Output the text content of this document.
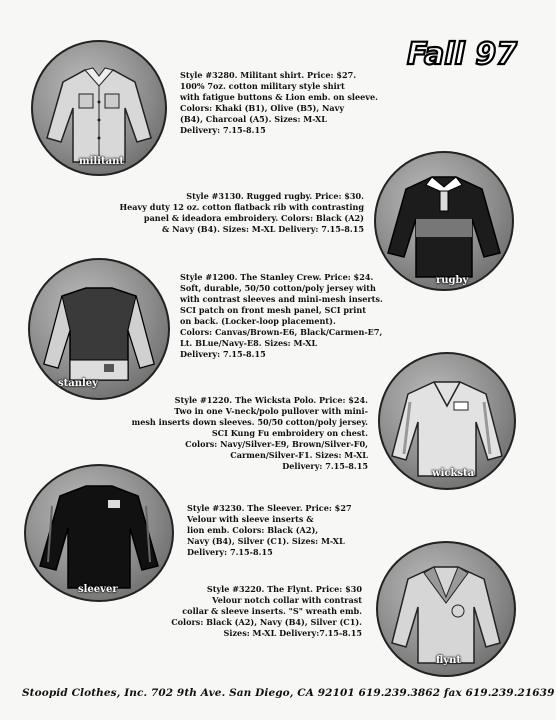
Fall 97
militant
Style #3280. Militant shirt. Price: $27.
100% 7oz. cotton military style shirt
with fatigue buttons & Lion emb. on sleeve.
Colors: Khaki (B1), Olive (B5), Navy
(B4), Charcoal (A5). Sizes: M-XL
Delivery: 7.15-8.15
rugby
Style #3130. Rugged rugby. Price: $30.
Heavy duty 12 oz. cotton flatback rib with contrasting
panel & ideadora embroidery. Colors: Black (A2)
& Navy (B4). Sizes: M-XL Delivery: 7.15-8.15
stanley
Style #1200. The Stanley Crew. Price: $24.
Soft, durable, 50/50 cotton/poly jersey with
with contrast sleeves and mini-mesh inserts.
SCI patch on front mesh panel, SCI print
on back. (Locker-loop placement).
Colors: Canvas/Brown-E6, Black/Carmen-E7,
Lt. BLue/Navy-E8. Sizes: M-XL
Delivery: 7.15-8.15
wicksta
Style #1220. The Wicksta Polo. Price: $24.
Two in one V-neck/polo pullover with mini-
mesh inserts down sleeves. 50/50 cotton/poly jersey.
SCI Kung Fu embroidery on chest.
Colors: Navy/Silver-E9, Brown/Silver-F0,
Carmen/Silver-F1. Sizes: M-XL
Delivery: 7.15-8.15
sleever
Style #3230. The Sleever. Price: $27
Velour with sleeve inserts &
lion emb. Colors: Black (A2),
Navy (B4), Silver (C1). Sizes: M-XL
Delivery: 7.15-8.15
flynt
Style #3220. The Flynt. Price: $30
Velour notch collar with contrast
collar & sleeve inserts. "S" wreath emb.
Colors: Black (A2), Navy (B4), Silver (C1).
Sizes: M-XL Delivery:7.15-8.15
Stoopid Clothes, Inc. 702 9th Ave. San Diego, CA 92101 619.239.3862 fax 619.239.21639
